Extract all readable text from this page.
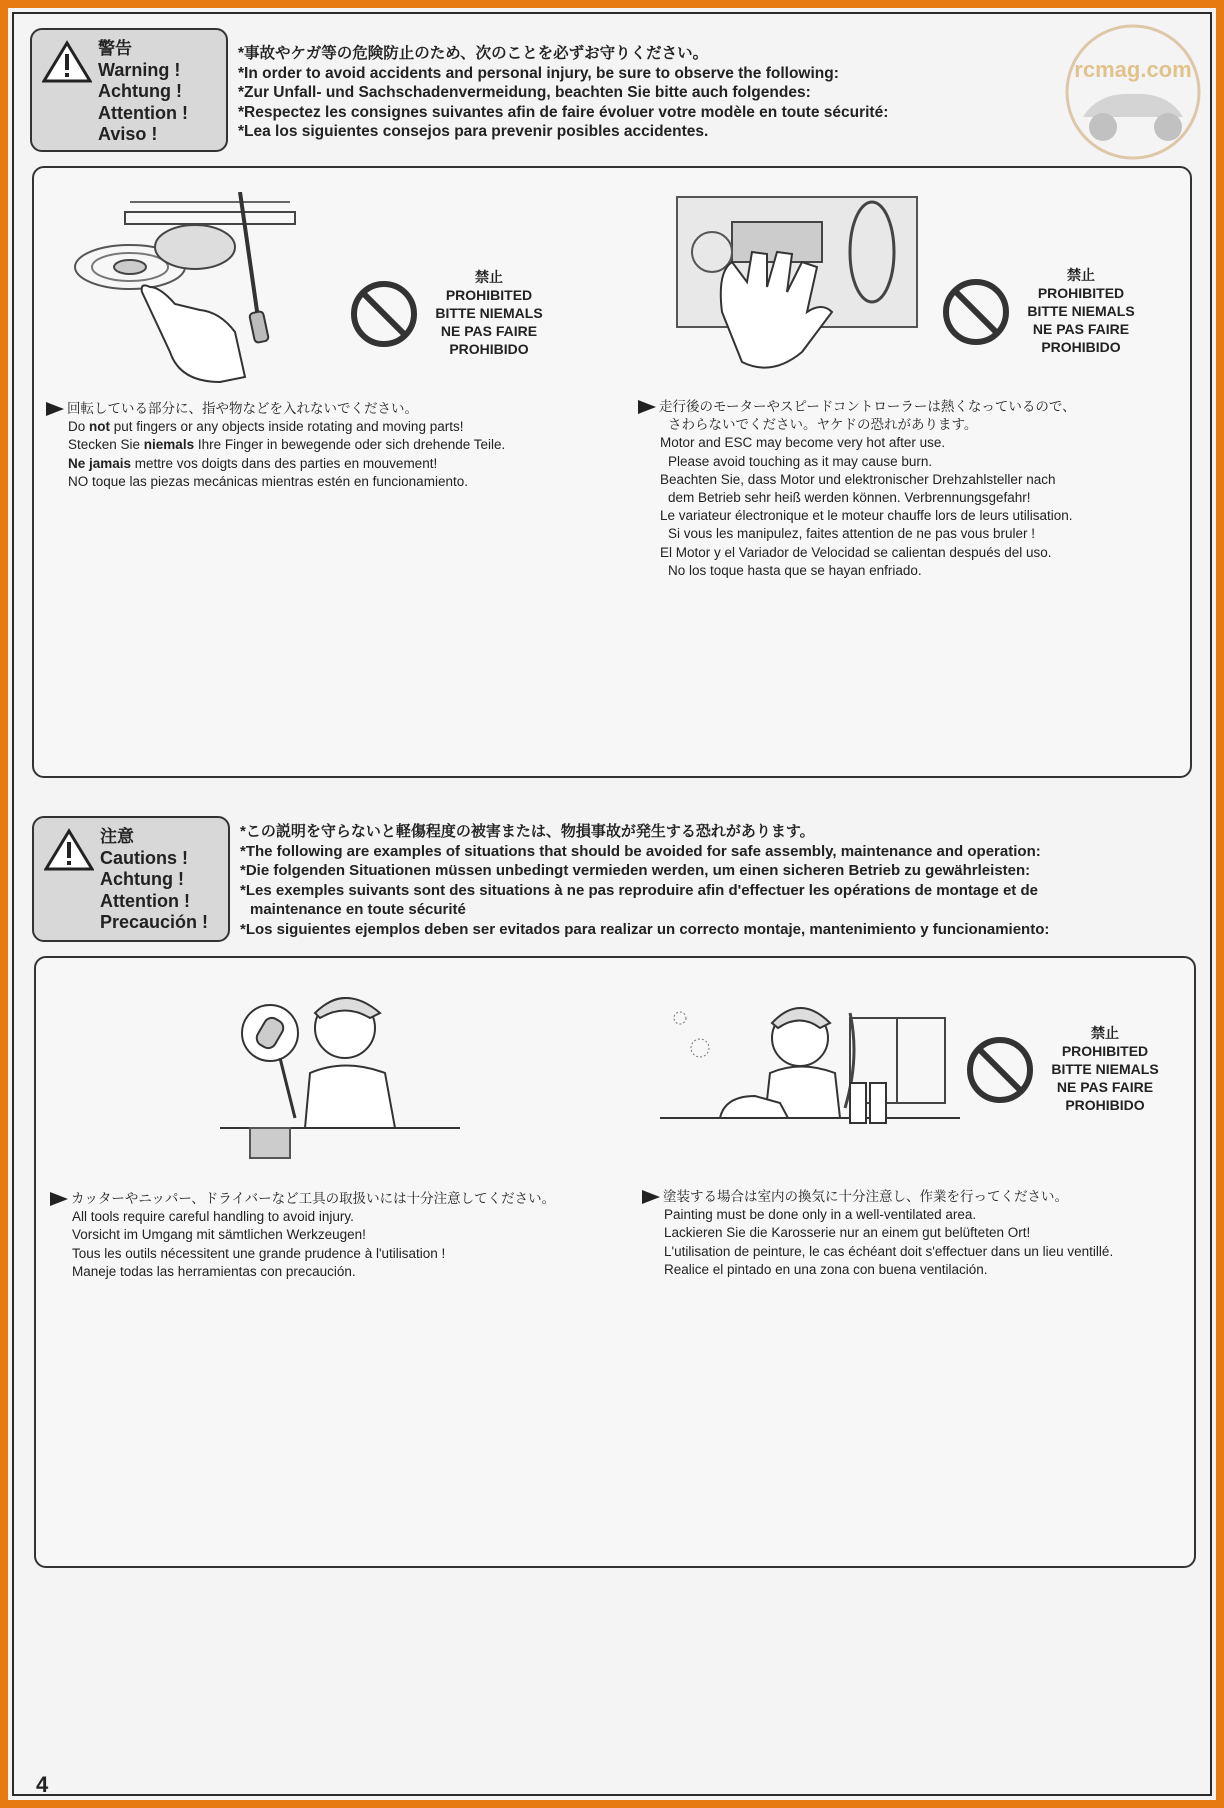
rcmag.com
警告
Warning !
Achtung !
Attention !
Aviso !
*事故やケガ等の危険防止のため、次のことを必ずお守りください。
*In order to avoid accidents and personal injury, be sure to observe the following:
*Zur Unfall- und Sachschadenvermeidung, beachten Sie bitte auch folgendes:
*Respectez les consignes suivantes afin de faire évoluer votre modèle en toute sécurité:
*Lea los siguientes consejos para prevenir posibles accidentes.
禁止
PROHIBITED
BITTE NIEMALS
NE PAS FAIRE
PROHIBIDO
回転している部分に、指や物などを入れないでください。
Do not put fingers or any objects inside rotating and moving parts!
Stecken Sie niemals Ihre Finger in bewegende oder sich drehende Teile.
Ne jamais mettre vos doigts dans des parties en mouvement!
NO toque las piezas mecánicas mientras estén en funcionamiento.
禁止
PROHIBITED
BITTE NIEMALS
NE PAS FAIRE
PROHIBIDO
走行後のモーターやスピードコントローラーは熱くなっているので、
さわらないでください。ヤケドの恐れがあります。
Motor and ESC may become very hot after use.
Please avoid touching as it may cause burn.
Beachten Sie, dass Motor und elektronischer Drehzahlsteller nach
dem Betrieb sehr heiß werden können. Verbrennungsgefahr!
Le variateur électronique et le moteur chauffe lors de leurs utilisation.
Si vous les manipulez, faites attention de ne pas vous bruler !
El Motor y el Variador de Velocidad se calientan después del uso.
No los toque hasta que se hayan enfriado.
注意
Cautions !
Achtung !
Attention !
Precaución !
*この説明を守らないと軽傷程度の被害または、物損事故が発生する恐れがあります。
*The following are examples of situations that should be avoided for safe assembly, maintenance and operation:
*Die folgenden Situationen müssen unbedingt vermieden werden, um einen sicheren Betrieb zu gewährleisten:
*Les exemples suivants sont des situations à ne pas reproduire afin d'effectuer les opérations de montage et de
maintenance en toute sécurité
*Los siguientes ejemplos deben ser evitados para realizar un correcto montaje, mantenimiento y funcionamiento:
カッターやニッパー、ドライバーなど工具の取扱いには十分注意してください。
All tools require careful handling to avoid injury.
Vorsicht im Umgang mit sämtlichen Werkzeugen!
Tous les outils nécessitent une grande prudence à l'utilisation !
Maneje todas las herramientas con precaución.
禁止
PROHIBITED
BITTE NIEMALS
NE PAS FAIRE
PROHIBIDO
塗装する場合は室内の換気に十分注意し、作業を行ってください。
Painting must be done only in a well-ventilated area.
Lackieren Sie die Karosserie nur an einem gut belüfteten Ort!
L'utilisation de peinture, le cas échéant doit s'effectuer dans un lieu ventillé.
Realice el pintado en una zona con buena ventilación.
4
